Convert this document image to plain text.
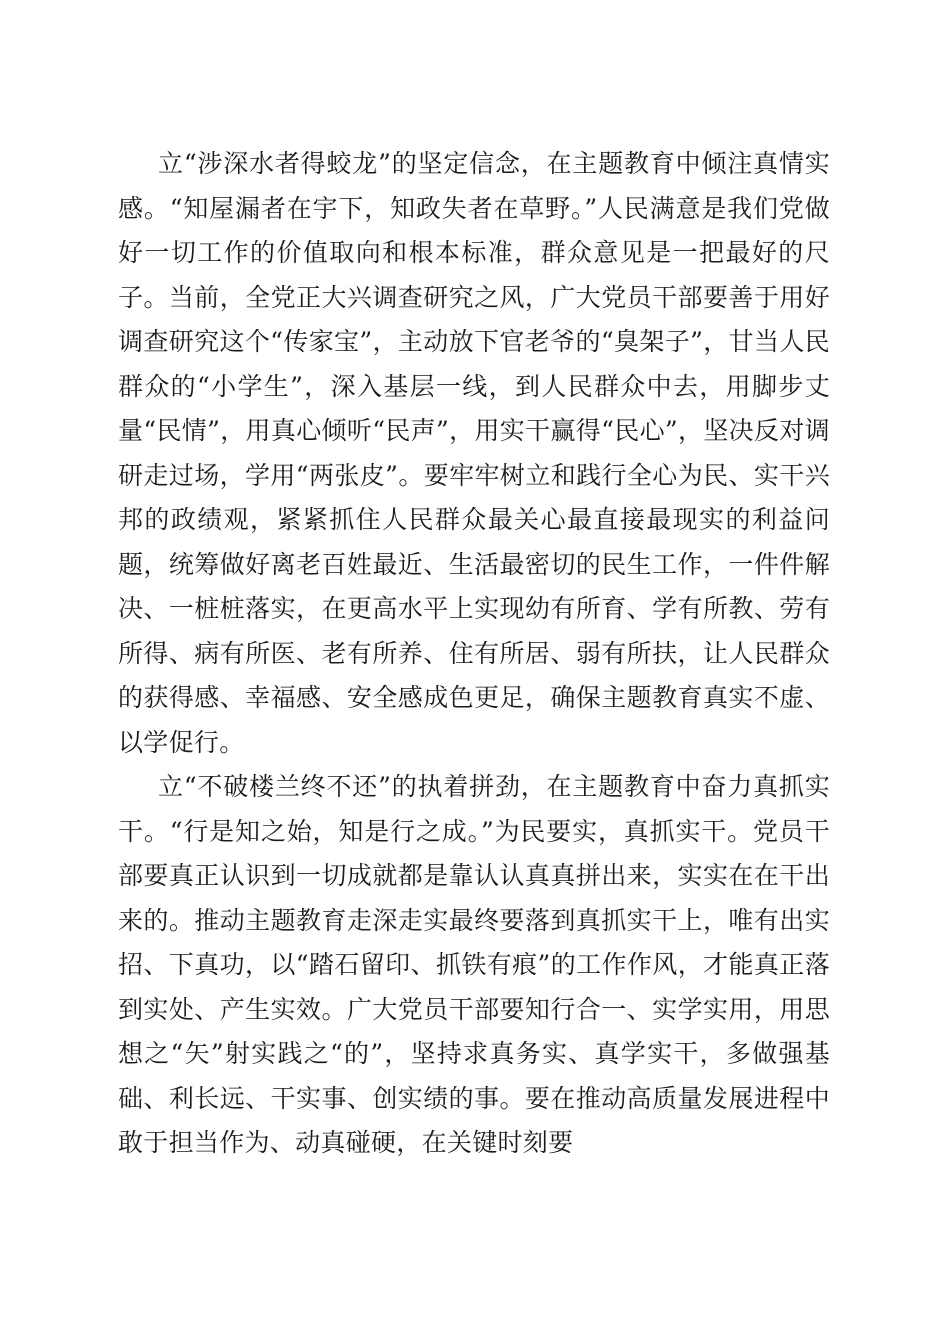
立“涉深水者得蛟龙”的坚定信念，在主题教育中倾注真情实感。“知屋漏者在宇下，知政失者在草野。”人民满意是我们党做好一切工作的价值取向和根本标准，群众意见是一把最好的尺子。当前，全党正大兴调查研究之风，广大党员干部要善于用好调查研究这个“传家宝”，主动放下官老爷的“臭架子”，甘当人民群众的“小学生”，深入基层一线，到人民群众中去，用脚步丈量“民情”，用真心倾听“民声”，用实干赢得“民心”，坚决反对调研走过场，学用“两张皮”。要牢牢树立和践行全心为民、实干兴邦的政绩观，紧紧抓住人民群众最关心最直接最现实的利益问题，统筹做好离老百姓最近、生活最密切的民生工作，一件件解决、一桩桩落实，在更高水平上实现幼有所育、学有所教、劳有所得、病有所医、老有所养、住有所居、弱有所扶，让人民群众的获得感、幸福感、安全感成色更足，确保主题教育真实不虚、以学促行。

立“不破楼兰终不还”的执着拼劲，在主题教育中奋力真抓实干。“行是知之始，知是行之成。”为民要实，真抓实干。党员干部要真正认识到一切成就都是靠认认真真拼出来，实实在在干出来的。推动主题教育走深走实最终要落到真抓实干上，唯有出实招、下真功，以“踏石留印、抓铁有痕”的工作作风，才能真正落到实处、产生实效。广大党员干部要知行合一、实学实用，用思想之“矢”射实践之“的”，坚持求真务实、真学实干，多做强基础、利长远、干实事、创实绩的事。要在推动高质量发展进程中敢于担当作为、动真碰硬，在关键时刻要
